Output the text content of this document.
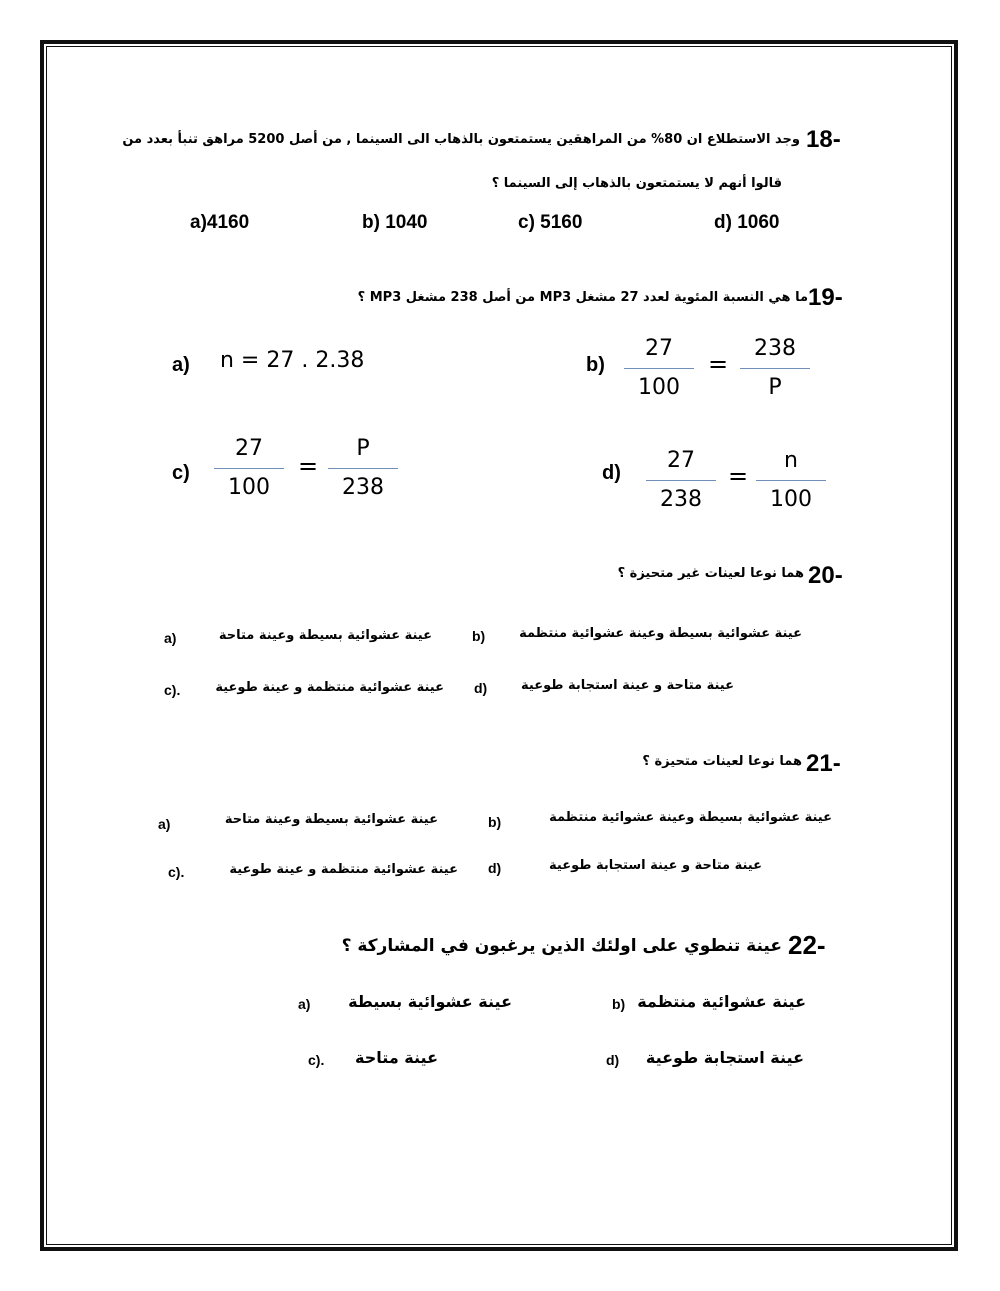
18-
وجد الاستطلاع ان 80% من المراهقين يستمتعون بالذهاب الى السينما , من أصل 5200 مراهق تنبأ بعدد من
قالوا أنهم لا يستمتعون بالذهاب إلى السينما ؟
a)4160	b) 1040	c) 5160	d) 1060
19-
ما هي النسبة المئوية لعدد 27 مشغل MP3 من أصل 238 مشغل MP3 ؟
a) n = 27 . 2.38	b)
27
100
=
238
P
c)
27
100
=
P
238
d)	27
238
=
n
100
20-
هما نوعا لعينات غير متحيزة ؟
عينة عشوائية بسيطة وعينة عشوائية منتظمة
b)
عينة عشوائية بسيطة وعينة متاحة
a)
عينة متاحة و عينة استجابة طوعية
d)
عينة عشوائية منتظمة و عينة طوعية
c).
21-
هما نوعا لعينات متحيزة ؟
عينة عشوائية بسيطة وعينة عشوائية منتظمة
b)
عينة عشوائية بسيطة وعينة متاحة
a)
عينة متاحة و عينة استجابة طوعية
d)
عينة عشوائية منتظمة و عينة طوعية
c).
22-
عينة تنطوي على اولئك الذين يرغبون في المشاركة ؟
عينة عشوائية منتظمة
b)
عينة عشوائية بسيطة
a)
عينة استجابة طوعية
d)
عينة متاحة
c).
